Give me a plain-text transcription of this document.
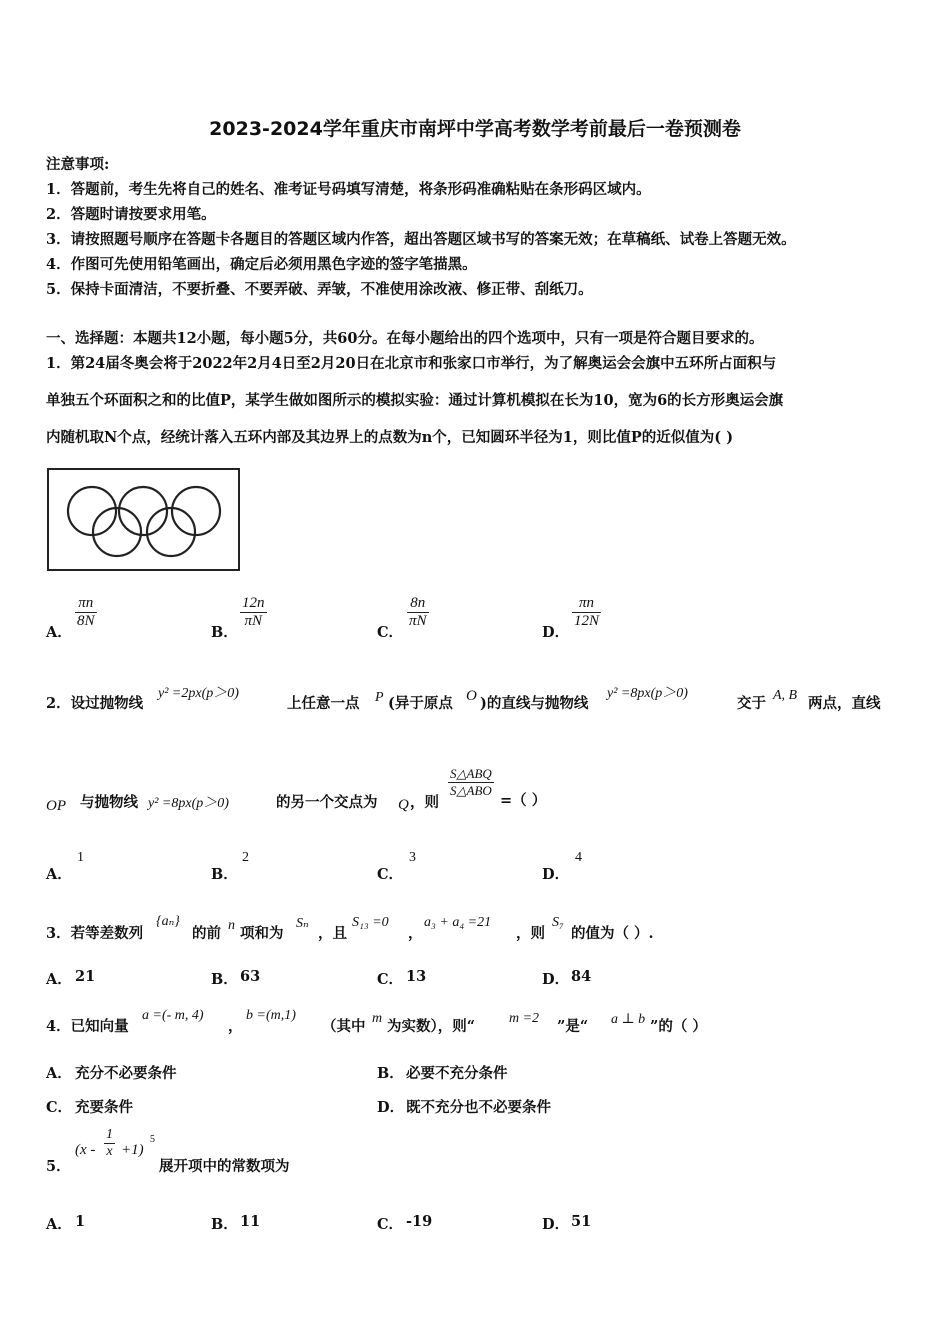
2023-2024学年重庆市南坪中学高考数学考前最后一卷预测卷
注意事项:
1．答题前，考生先将自己的姓名、准考证号码填写清楚，将条形码准确粘贴在条形码区域内。
2．答题时请按要求用笔。
3．请按照题号顺序在答题卡各题目的答题区域内作答，超出答题区域书写的答案无效；在草稿纸、试卷上答题无效。
4．作图可先使用铅笔画出，确定后必须用黑色字迹的签字笔描黑。
5．保持卡面清洁，不要折叠、不要弄破、弄皱，不准使用涂改液、修正带、刮纸刀。
一、选择题：本题共12小题，每小题5分，共60分。在每小题给出的四个选项中，只有一项是符合题目要求的。
1．第24届冬奥会将于2022年2月4日至2月20日在北京市和张家口市举行，为了解奥运会会旗中五环所占面积与
单独五个环面积之和的比值P，某学生做如图所示的模拟实验：通过计算机模拟在长为10，宽为6的长方形奥运会旗
内随机取N个点，经统计落入五环内部及其边界上的点数为n个，已知圆环半径为1，则比值P的近似值为( )
A．
$\frac{\pi n}{8N}$
B．
$\frac{12n}{\pi N}$
C．
$\frac{8n}{\pi N}$
D．
$\frac{\pi n}{12N}$
2．设过抛物线
y² =2px(p＞0)
上任意一点 P (异于原点 O )的直线与抛物线
y² =8px(p＞0)
交于 A, B 两点，直线
OP 与抛物线 y² =8px(p＞0)	的另一个交点为 Q ，则
S△ABQ
S△ABO
=（ ）
A．
1
B．
2
C．
3
D．
4
3．若等差数列
{aₙ}
的前 n 项和为
Sₙ
，且
S₁₃ =0
，
a₃ + a₄ =21
，则
S₇
的值为（ ）.
A． 21	B． 63	C． 13	D． 84
4．已知向量
a =(- m, 4)
，
b =(m,1)
（其中 m 为实数），则“ m =2 ”是“ a ⊥ b ”的（ ）
A． 充分不必要条件	B． 必要不充分条件
C． 充要条件	D． 既不充分也不必要条件
5．
$(x - \frac{1}{x} +1)$
5
展开项中的常数项为
A． 1	B． 11	C． -19	D． 51
